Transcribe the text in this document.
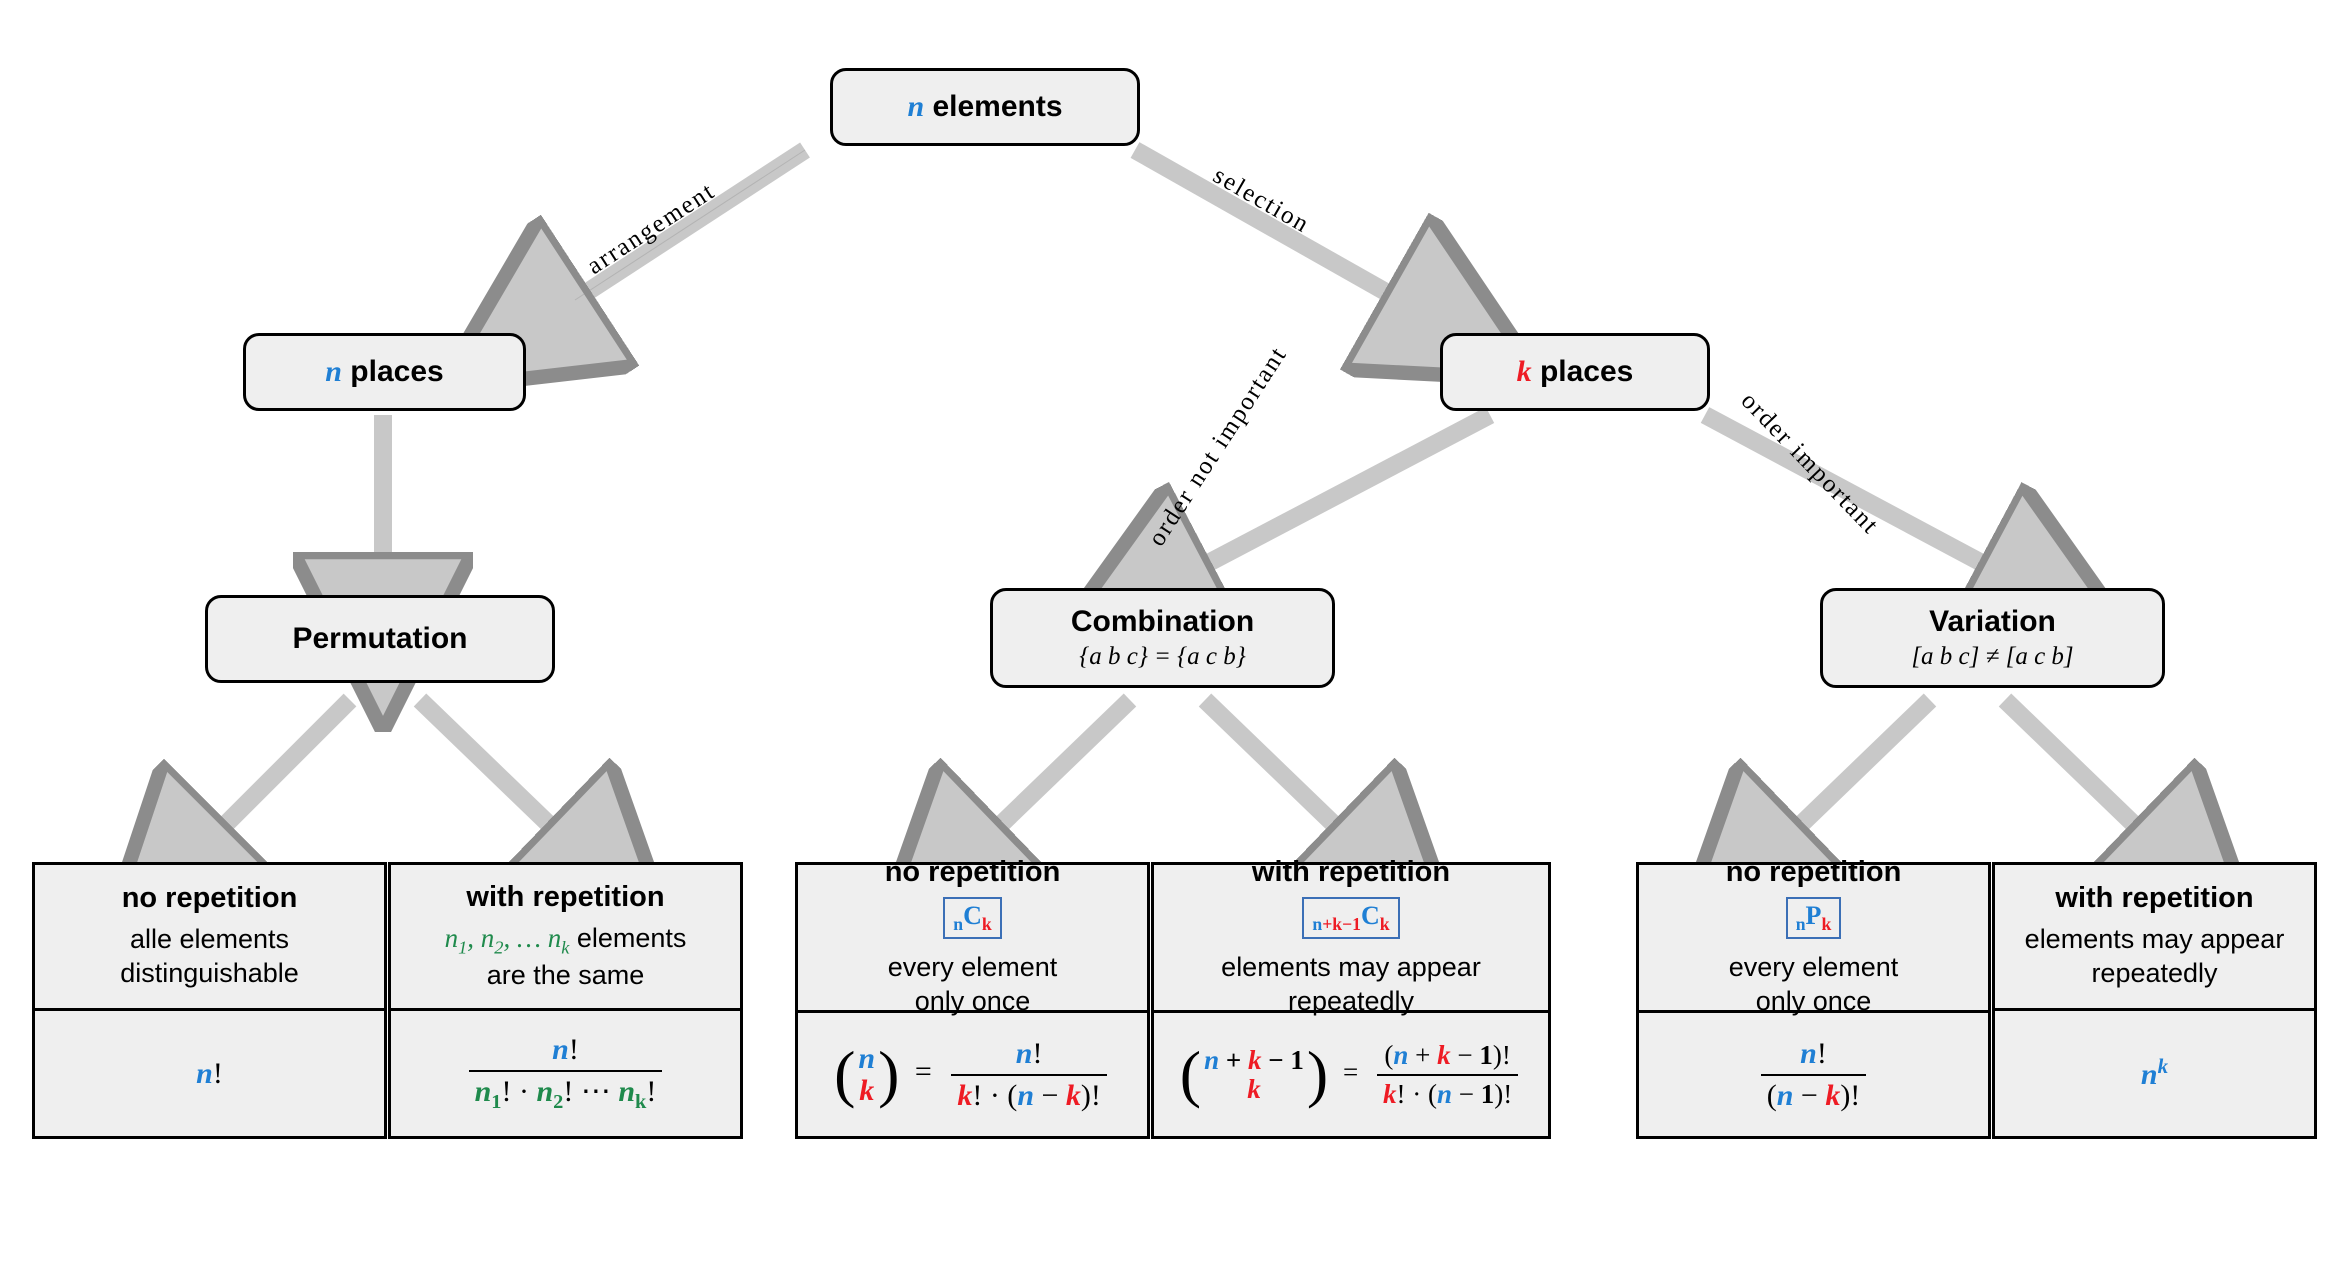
n elements
n places	k places
Permutation
Combination
{a b c} = {a c b}
Variation
[a b c] ≠ [a c b]
arrangement	selection
order not important	order important
no repetition
alle elements
distinguishable
n!
with repetition
$n_1$, $n_2$, … $n_k$ elements
are the same
$\frac{n!}{n_1! \cdot n_2! \cdots n_k!}$
no repetition
$_nC_k$
every element
only once
( n
k ) = $\frac{n!}{k! \cdot (n - k)!}$
with repetition
$_{n+k-1}C_k$
elements may appear
repeatedly
( n + k − 1
k ) = $\frac{(n + k - 1)!}{k! \cdot (n - 1)!}$
no repetition
$_nP_k$
every element
only once
$\frac{n!}{(n - k)!}$
with repetition
elements may appear
repeatedly
$n^k$
